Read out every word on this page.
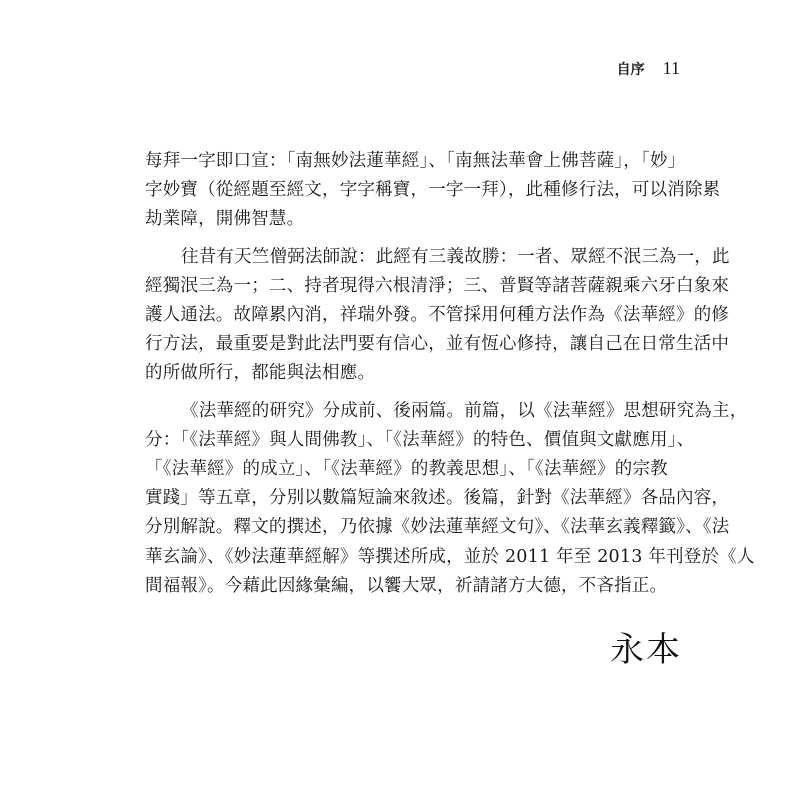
自序 11
每拜一字即口宣：「南無妙法蓮華經」、「南無法華會上佛菩薩」，「妙」
字妙寶（從經題至經文，字字稱寶，一字一拜），此種修行法，可以消除累
劫業障，開佛智慧。
往昔有天竺僧弼法師說：此經有三義故勝：一者、眾經不泯三為一，此
經獨泯三為一；二、持者現得六根清淨；三、普賢等諸菩薩親乘六牙白象來
護人通法。故障累內消，祥瑞外發。不管採用何種方法作為《法華經》的修
行方法，最重要是對此法門要有信心，並有恆心修持，讓自己在日常生活中
的所做所行，都能與法相應。
《法華經的研究》分成前、後兩篇。前篇，以《法華經》思想研究為主，
分：「《法華經》與人間佛教」、「《法華經》的特色、價值與文獻應用」、
「《法華經》的成立」、「《法華經》的教義思想」、「《法華經》的宗教
實踐」等五章，分別以數篇短論來敘述。後篇，針對《法華經》各品內容，
分別解說。釋文的撰述，乃依據《妙法蓮華經文句》、《法華玄義釋籤》、《法
華玄論》、《妙法蓮華經解》等撰述所成，並於 2011 年至 2013 年刊登於《人
間福報》。今藉此因緣彙編，以饗大眾，祈請諸方大德，不吝指正。
永本
